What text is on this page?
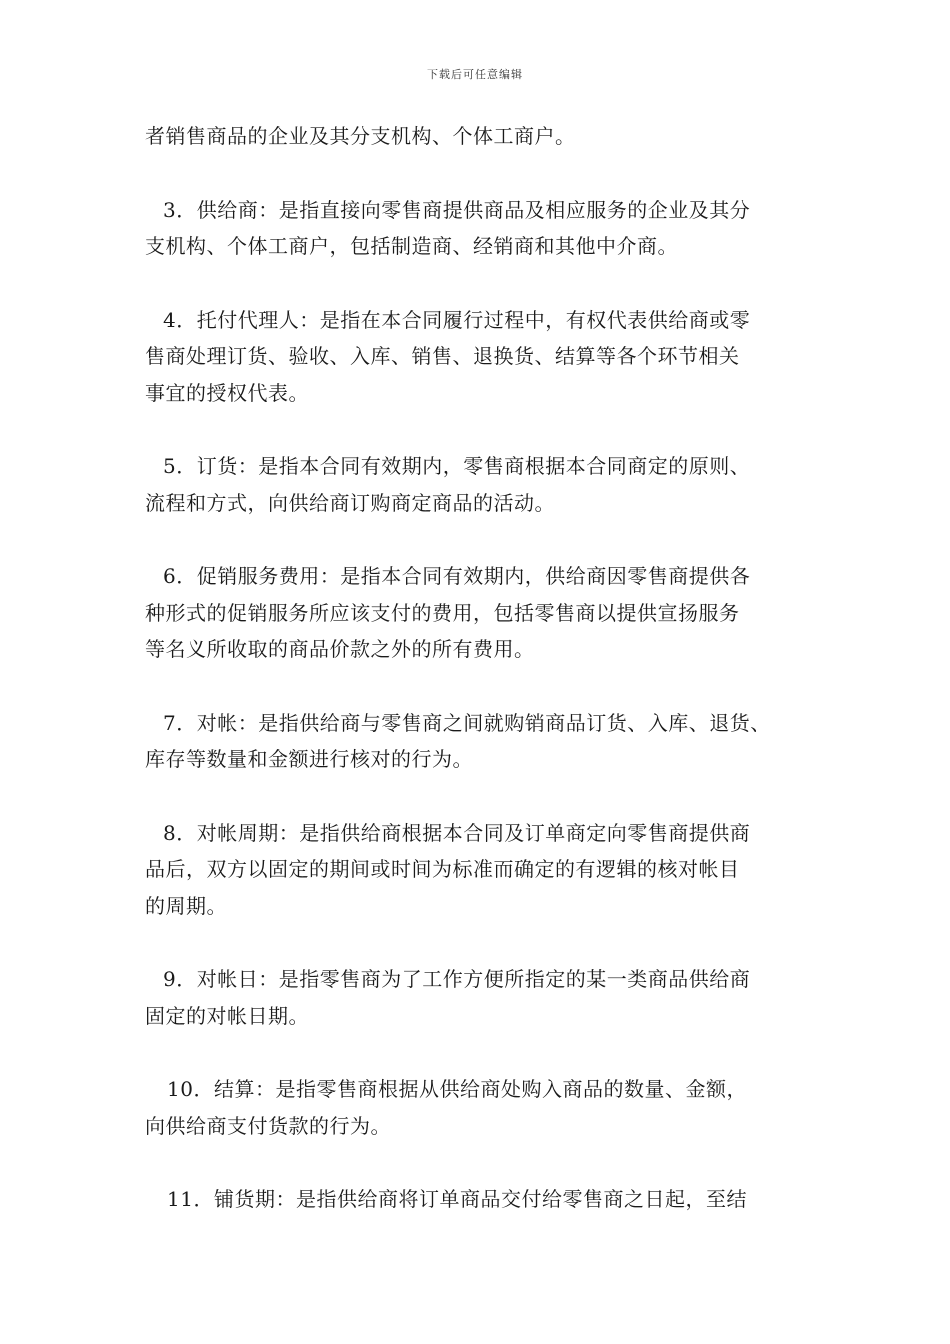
下载后可任意编辑

者销售商品的企业及其分支机构、个体工商户。

3．供给商：是指直接向零售商提供商品及相应服务的企业及其分
支机构、个体工商户，包括制造商、经销商和其他中介商。

4．托付代理人：是指在本合同履行过程中，有权代表供给商或零
售商处理订货、验收、入库、销售、退换货、结算等各个环节相关
事宜的授权代表。

5．订货：是指本合同有效期内，零售商根据本合同商定的原则、
流程和方式，向供给商订购商定商品的活动。

6．促销服务费用：是指本合同有效期内，供给商因零售商提供各
种形式的促销服务所应该支付的费用，包括零售商以提供宣扬服务
等名义所收取的商品价款之外的所有费用。

7．对帐：是指供给商与零售商之间就购销商品订货、入库、退货、
库存等数量和金额进行核对的行为。

8．对帐周期：是指供给商根据本合同及订单商定向零售商提供商
品后，双方以固定的期间或时间为标准而确定的有逻辑的核对帐目
的周期。

9．对帐日：是指零售商为了工作方便所指定的某一类商品供给商
固定的对帐日期。

10．结算：是指零售商根据从供给商处购入商品的数量、金额，
向供给商支付货款的行为。

11．铺货期：是指供给商将订单商品交付给零售商之日起，至结
